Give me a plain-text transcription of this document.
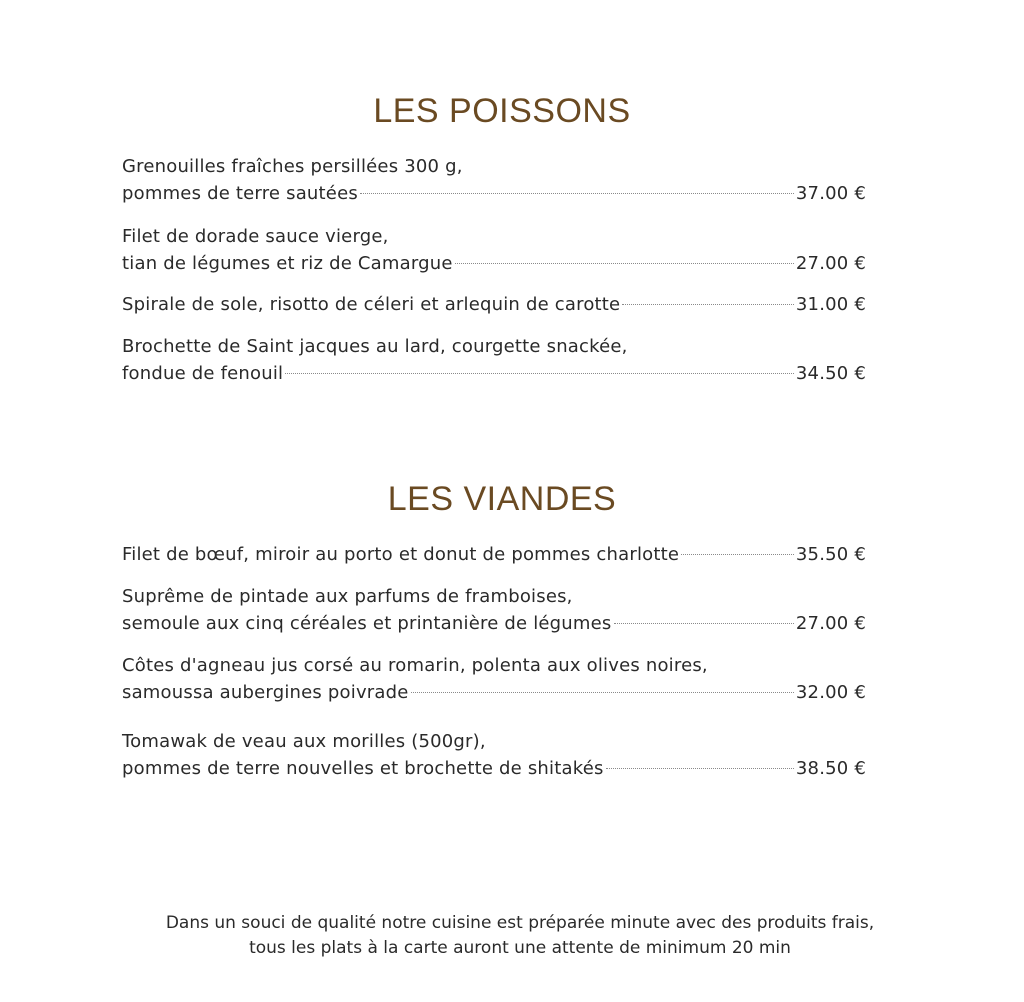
LES POISSONS
Grenouilles fraîches persillées 300 g,
pommes de terre sautées	37.00 €
Filet de dorade sauce vierge,
tian de légumes et riz de Camargue	27.00 €
Spirale de sole, risotto de céleri et arlequin de carotte	31.00 €
Brochette de Saint jacques au lard, courgette snackée,
fondue de fenouil	34.50 €
LES VIANDES
Filet de bœuf, miroir au porto et donut de pommes charlotte	35.50 €
Suprême de pintade aux parfums de framboises,
semoule aux cinq céréales et printanière de légumes	27.00 €
Côtes d'agneau jus corsé au romarin, polenta aux olives noires,
samoussa aubergines poivrade	32.00 €
Tomawak de veau aux morilles (500gr),
pommes de terre nouvelles et brochette de shitakés	38.50 €
Dans un souci de qualité notre cuisine est préparée minute avec des produits frais,
tous les plats à la carte auront une attente de minimum 20 min
